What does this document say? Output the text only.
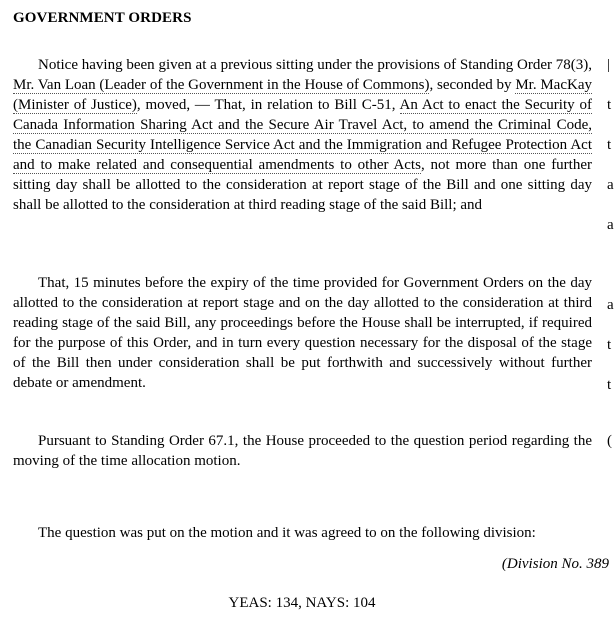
GOVERNMENT ORDERS

Notice having been given at a previous sitting under the provisions of Standing Order 78(3), Mr. Van Loan (Leader of the Government in the House of Commons), seconded by Mr. MacKay (Minister of Justice), moved, — That, in relation to Bill C-51, An Act to enact the Security of Canada Information Sharing Act and the Secure Air Travel Act, to amend the Criminal Code, the Canadian Security Intelligence Service Act and the Immigration and Refugee Protection Act and to make related and consequential amendments to other Acts, not more than one further sitting day shall be allotted to the consideration at report stage of the Bill and one sitting day shall be allotted to the consideration at third reading stage of the said Bill; and

That, 15 minutes before the expiry of the time provided for Government Orders on the day allotted to the consideration at report stage and on the day allotted to the consideration at third reading stage of the said Bill, any proceedings before the House shall be interrupted, if required for the purpose of this Order, and in turn every question necessary for the disposal of the stage of the Bill then under consideration shall be put forthwith and successively without further debate or amendment.

Pursuant to Standing Order 67.1, the House proceeded to the question period regarding the moving of the time allocation motion.

The question was put on the motion and it was agreed to on the following division:

(Division No. 389

YEAS: 134, NAYS: 104

|
t
t
a
a
a
t
t
(
